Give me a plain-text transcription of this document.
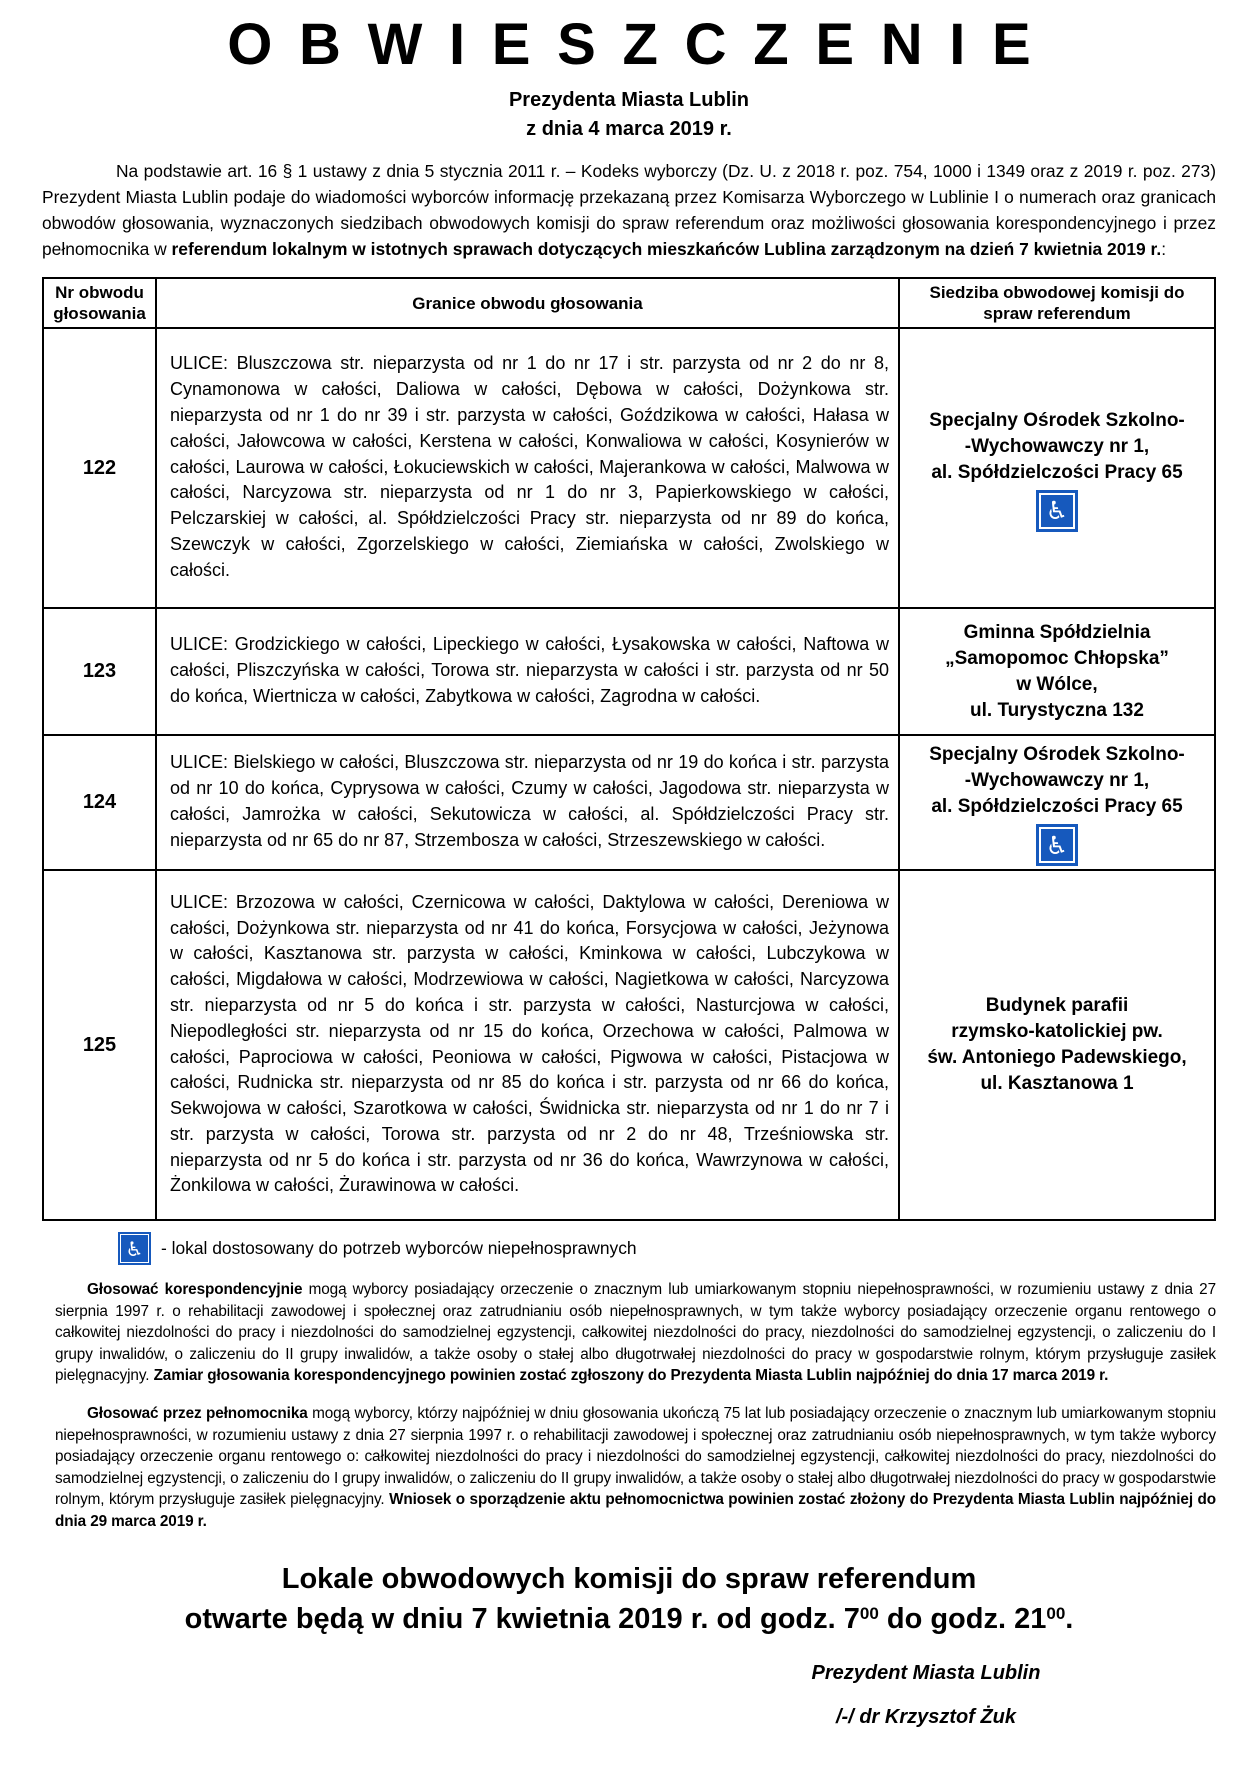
OBWIESZCZENIE
Prezydenta Miasta Lublin
z dnia 4 marca 2019 r.

Na podstawie art. 16 § 1 ustawy z dnia 5 stycznia 2011 r. – Kodeks wyborczy (Dz. U. z 2018 r. poz. 754, 1000 i 1349 oraz z 2019 r. poz. 273) Prezydent Miasta Lublin podaje do wiadomości wyborców informację przekazaną przez Komisarza Wyborczego w Lublinie I o numerach oraz granicach obwodów głosowania, wyznaczonych siedzibach obwodowych komisji do spraw referendum oraz możliwości głosowania korespondencyjnego i przez pełnomocnika w referendum lokalnym w istotnych sprawach dotyczących mieszkańców Lublina zarządzonym na dzień 7 kwietnia 2019 r.:

Nr obwodu głosowania	Granice obwodu głosowania	Siedziba obwodowej komisji do spraw referendum
122	ULICE: Bluszczowa str. nieparzysta od nr 1 do nr 17 i str. parzysta od nr 2 do nr 8, Cynamonowa w całości, Daliowa w całości, Dębowa w całości, Dożynkowa str. nieparzysta od nr 1 do nr 39 i str. parzysta w całości, Goździkowa w całości, Hałasa w całości, Jałowcowa w całości, Kerstena w całości, Konwaliowa w całości, Kosynierów w całości, Laurowa w całości, Łokuciewskich w całości, Majerankowa w całości, Malwowa w całości, Narcyzowa str. nieparzysta od nr 1 do nr 3, Papierkowskiego w całości, Pelczarskiej w całości, al. Spółdzielczości Pracy str. nieparzysta od nr 89 do końca, Szewczyk w całości, Zgorzelskiego w całości, Ziemiańska w całości, Zwolskiego w całości.	
Specjalny Ośrodek Szkolno-
-Wychowawczy nr 1,
al. Spółdzielczości Pracy 65
♿

123	ULICE: Grodzickiego w całości, Lipeckiego w całości, Łysakowska w całości, Naftowa w całości, Pliszczyńska w całości, Torowa str. nieparzysta w całości i str. parzysta od nr 50 do końca, Wiertnicza w całości, Zabytkowa w całości, Zagrodna w całości.	
Gminna Spółdzielnia
„Samopomoc Chłopska”
w Wólce,
ul. Turystyczna 132

124	ULICE: Bielskiego w całości, Bluszczowa str. nieparzysta od nr 19 do końca i str. parzysta od nr 10 do końca, Cyprysowa w całości, Czumy w całości, Jagodowa str. nieparzysta w całości, Jamrożka w całości, Sekutowicza w całości, al. Spółdzielczości Pracy str. nieparzysta od nr 65 do nr 87, Strzembosza w całości, Strzeszewskiego w całości.	
Specjalny Ośrodek Szkolno-
-Wychowawczy nr 1,
al. Spółdzielczości Pracy 65
♿

125	ULICE: Brzozowa w całości, Czernicowa w całości, Daktylowa w całości, Dereniowa w całości, Dożynkowa str. nieparzysta od nr 41 do końca, Forsycjowa w całości, Jeżynowa w całości, Kasztanowa str. parzysta w całości, Kminkowa w całości, Lubczykowa w całości, Migdałowa w całości, Modrzewiowa w całości, Nagietkowa w całości, Narcyzowa str. nieparzysta od nr 5 do końca i str. parzysta w całości, Nasturcjowa w całości, Niepodległości str. nieparzysta od nr 15 do końca, Orzechowa w całości, Palmowa w całości, Paprociowa w całości, Peoniowa w całości, Pigwowa w całości, Pistacjowa w całości, Rudnicka str. nieparzysta od nr 85 do końca i str. parzysta od nr 66 do końca, Sekwojowa w całości, Szarotkowa w całości, Świdnicka str. nieparzysta od nr 1 do nr 7 i str. parzysta w całości, Torowa str. parzysta od nr 2 do nr 48, Trześniowska str. nieparzysta od nr 5 do końca i str. parzysta od nr 36 do końca, Wawrzynowa w całości, Żonkilowa w całości, Żurawinowa w całości.	
Budynek parafii
rzymsko-katolickiej pw.
św. Antoniego Padewskiego,
ul. Kasztanowa 1
♿	- lokal dostosowany do potrzeb wyborców niepełnosprawnych

Głosować korespondencyjnie mogą wyborcy posiadający orzeczenie o znacznym lub umiarkowanym stopniu niepełnosprawności, w rozumieniu ustawy z dnia 27 sierpnia 1997 r. o rehabilitacji zawodowej i społecznej oraz zatrudnianiu osób niepełnosprawnych, w tym także wyborcy posiadający orzeczenie organu rentowego o całkowitej niezdolności do pracy i niezdolności do samodzielnej egzystencji, całkowitej niezdolności do pracy, niezdolności do samodzielnej egzystencji, o zaliczeniu do I grupy inwalidów, o zaliczeniu do II grupy inwalidów, a także osoby o stałej albo długotrwałej niezdolności do pracy w gospodarstwie rolnym, którym przysługuje zasiłek pielęgnacyjny. Zamiar głosowania korespondencyjnego powinien zostać zgłoszony do Prezydenta Miasta Lublin najpóźniej do dnia 17 marca 2019 r.

Głosować przez pełnomocnika mogą wyborcy, którzy najpóźniej w dniu głosowania ukończą 75 lat lub posiadający orzeczenie o znacznym lub umiarkowanym stopniu niepełnosprawności, w rozumieniu ustawy z dnia 27 sierpnia 1997 r. o rehabilitacji zawodowej i społecznej oraz zatrudnianiu osób niepełnosprawnych, w tym także wyborcy posiadający orzeczenie organu rentowego o: całkowitej niezdolności do pracy i niezdolności do samodzielnej egzystencji, całkowitej niezdolności do pracy, niezdolności do samodzielnej egzystencji, o zaliczeniu do I grupy inwalidów, o zaliczeniu do II grupy inwalidów, a także osoby o stałej albo długotrwałej niezdolności do pracy w gospodarstwie rolnym, którym przysługuje zasiłek pielęgnacyjny. Wniosek o sporządzenie aktu pełnomocnictwa powinien zostać złożony do Prezydenta Miasta Lublin najpóźniej do dnia 29 marca 2019 r.

Lokale obwodowych komisji do spraw referendum
otwarte będą w dniu 7 kwietnia 2019 r. od godz. $7^{00}$ do godz. $21^{00}$.
Prezydent Miasta Lublin
/-/ dr Krzysztof Żuk
